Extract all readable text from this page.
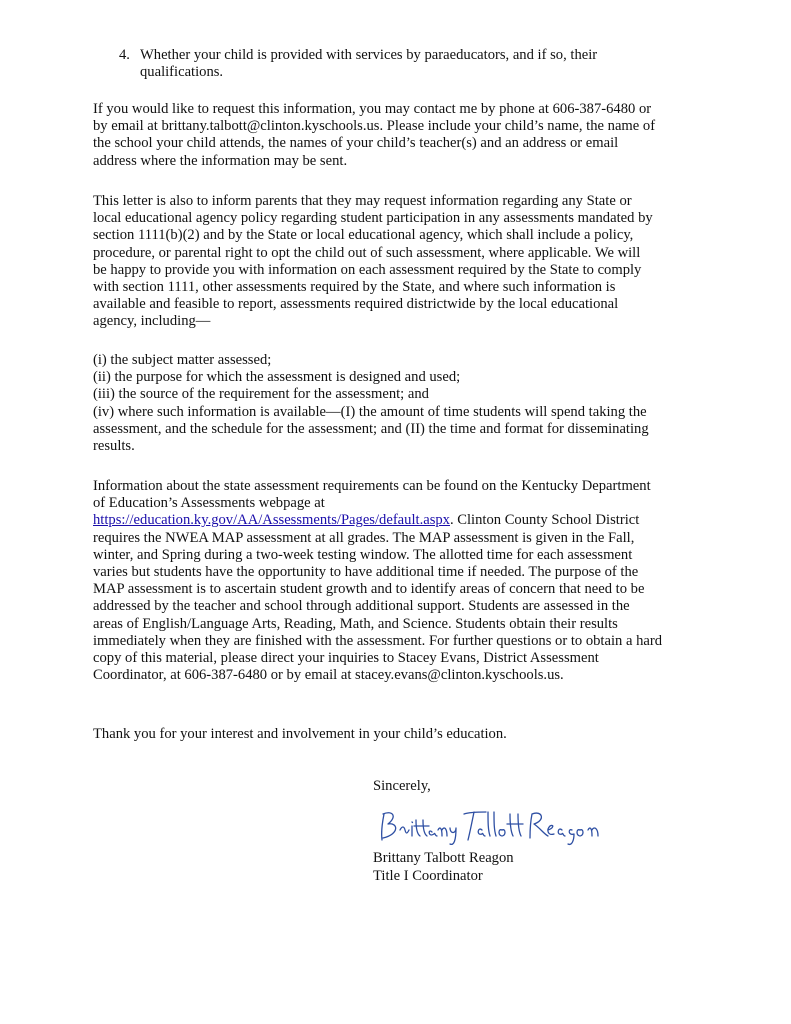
4. Whether your child is provided with services by paraeducators, and if so, their
qualifications.

If you would like to request this information, you may contact me by phone at 606-387-6480 or
by email at brittany.talbott@clinton.kyschools.us. Please include your child’s name, the name of
the school your child attends, the names of your child’s teacher(s) and an address or email
address where the information may be sent.

This letter is also to inform parents that they may request information regarding any State or
local educational agency policy regarding student participation in any assessments mandated by
section 1111(b)(2) and by the State or local educational agency, which shall include a policy,
procedure, or parental right to opt the child out of such assessment, where applicable. We will
be happy to provide you with information on each assessment required by the State to comply
with section 1111, other assessments required by the State, and where such information is
available and feasible to report, assessments required districtwide by the local educational
agency, including—

(i) the subject matter assessed;
(ii) the purpose for which the assessment is designed and used;
(iii) the source of the requirement for the assessment; and
(iv) where such information is available—(I) the amount of time students will spend taking the
assessment, and the schedule for the assessment; and (II) the time and format for disseminating
results.

Information about the state assessment requirements can be found on the Kentucky Department
of Education’s Assessments webpage at
https://education.ky.gov/AA/Assessments/Pages/default.aspx. Clinton County School District
requires the NWEA MAP assessment at all grades. The MAP assessment is given in the Fall,
winter, and Spring during a two-week testing window. The allotted time for each assessment
varies but students have the opportunity to have additional time if needed. The purpose of the
MAP assessment is to ascertain student growth and to identify areas of concern that need to be
addressed by the teacher and school through additional support. Students are assessed in the
areas of English/Language Arts, Reading, Math, and Science. Students obtain their results
immediately when they are finished with the assessment. For further questions or to obtain a hard
copy of this material, please direct your inquiries to Stacey Evans, District Assessment
Coordinator, at 606-387-6480 or by email at stacey.evans@clinton.kyschools.us.

Thank you for your interest and involvement in your child’s education.

Sincerely,
Brittany Talbott Reagon
Title I Coordinator
